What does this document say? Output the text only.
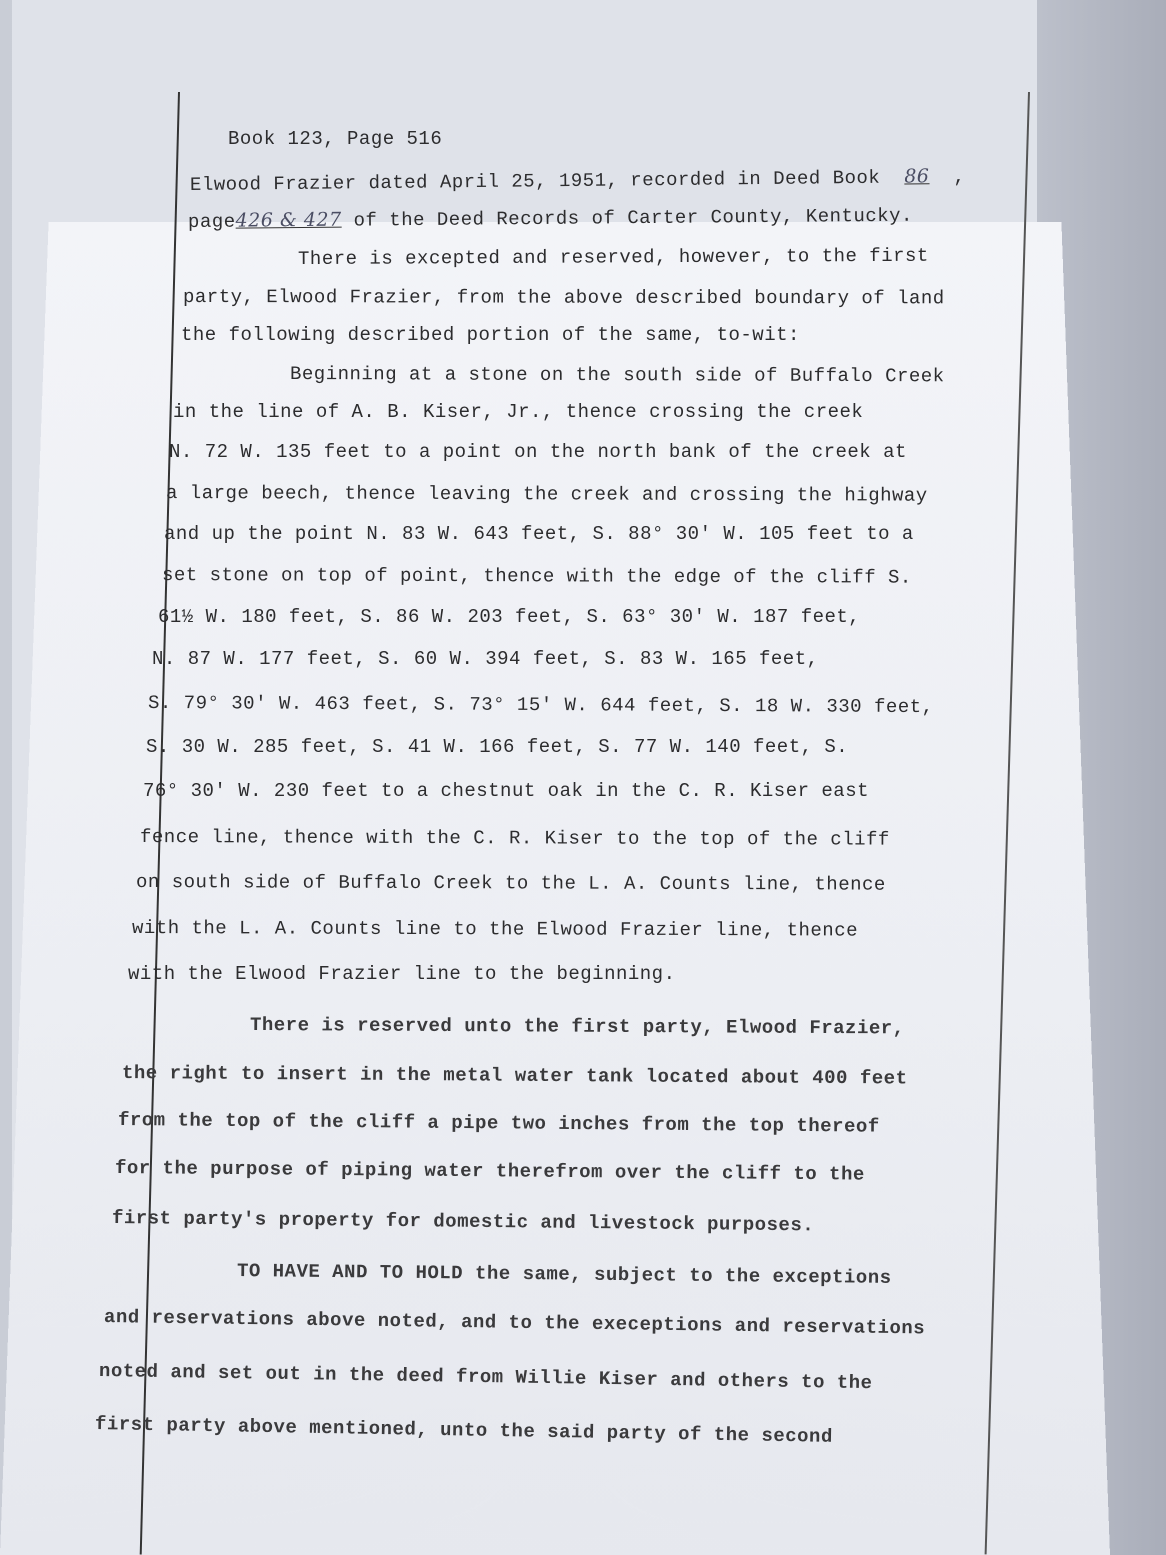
Book 123, Page 516
Elwood Frazier dated April 25, 1951, recorded in Deed Book 86 ,
page426 & 427 of the Deed Records of Carter County, Kentucky.
There is excepted and reserved, however, to the first
party, Elwood Frazier, from the above described boundary of land
the following described portion of the same, to-wit:
Beginning at a stone on the south side of Buffalo Creek
in the line of A. B. Kiser, Jr., thence crossing the creek
N. 72 W. 135 feet to a point on the north bank of the creek at
a large beech, thence leaving the creek and crossing the highway
and up the point N. 83 W. 643 feet, S. 88° 30' W. 105 feet to a
set stone on top of point, thence with the edge of the cliff S.
61½ W. 180 feet, S. 86 W. 203 feet, S. 63° 30' W. 187 feet,
N. 87 W. 177 feet, S. 60 W. 394 feet, S. 83 W. 165 feet,
S. 79° 30' W. 463 feet, S. 73° 15' W. 644 feet, S. 18 W. 330 feet,
S. 30 W. 285 feet, S. 41 W. 166 feet, S. 77 W. 140 feet, S.
76° 30' W. 230 feet to a chestnut oak in the C. R. Kiser east
fence line, thence with the C. R. Kiser to the top of the cliff
on south side of Buffalo Creek to the L. A. Counts line, thence
with the L. A. Counts line to the Elwood Frazier line, thence
with the Elwood Frazier line to the beginning.
There is reserved unto the first party, Elwood Frazier,
the right to insert in the metal water tank located about 400 feet
from the top of the cliff a pipe two inches from the top thereof
for the purpose of piping water therefrom over the cliff to the
first party's property for domestic and livestock purposes.
TO HAVE AND TO HOLD the same, subject to the exceptions
and reservations above noted, and to the execeptions and reservations
noted and set out in the deed from Willie Kiser and others to the
first party above mentioned, unto the said party of the second
